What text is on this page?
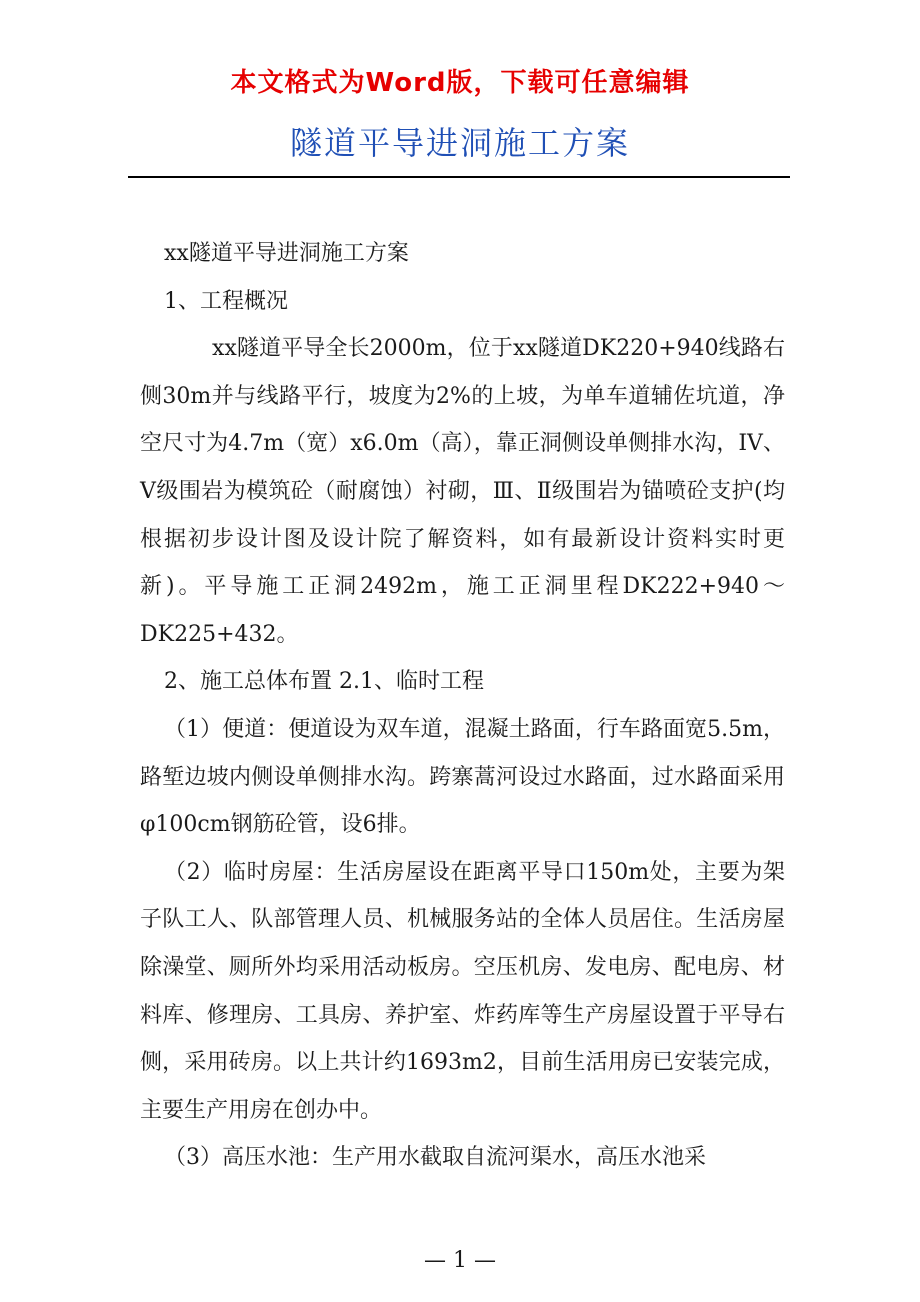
本文格式为Word版，下载可任意编辑
隧道平导进洞施工方案

xx隧道平导进洞施工方案

1、工程概况

xx隧道平导全长2000m，位于xx隧道DK220+940线路右侧30m并与线路平行，坡度为2%的上坡，为单车道辅佐坑道，净空尺寸为4.7m（宽）x6.0m（高），靠正洞侧设单侧排水沟，IV、V级围岩为模筑砼（耐腐蚀）衬砌，Ⅲ、Ⅱ级围岩为锚喷砼支护(均根据初步设计图及设计院了解资料，如有最新设计资料实时更新)。平导施工正洞2492m，施工正洞里程DK222+940～DK225+432。

2、施工总体布置 2.1、临时工程

（1）便道：便道设为双车道，混凝土路面，行车路面宽5.5m，路堑边坡内侧设单侧排水沟。跨寨蒿河设过水路面，过水路面采用φ100cm钢筋砼管，设6排。

（2）临时房屋：生活房屋设在距离平导口150m处，主要为架子队工人、队部管理人员、机械服务站的全体人员居住。生活房屋除澡堂、厕所外均采用活动板房。空压机房、发电房、配电房、材料库、修理房、工具房、养护室、炸药库等生产房屋设置于平导右侧，采用砖房。以上共计约1693m2，目前生活用房已安装完成，主要生产用房在创办中。

（3）高压水池：生产用水截取自流河渠水，高压水池采

— 1 —
